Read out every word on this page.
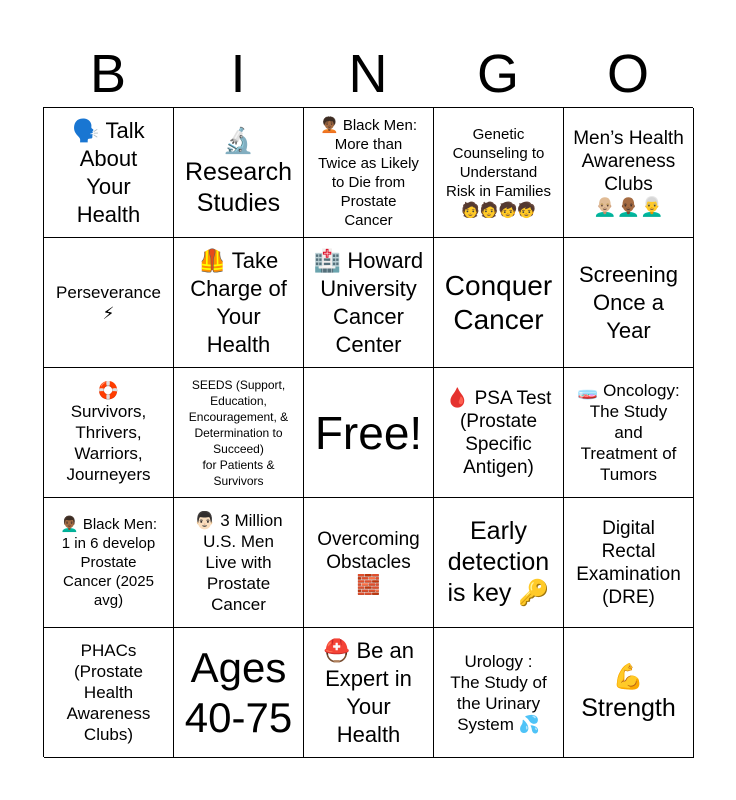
B	I	N	G	O
🗣️ Talk
About
Your
Health
🔬
Research
Studies
🧑🏾‍🦱 Black Men:
More than
Twice as Likely
to Die from
Prostate
Cancer
Genetic
Counseling to
Understand
Risk in Families
🧑🧑🧒🧒
Men’s Health
Awareness
Clubs
👨🏼‍🦲👨🏾‍🦲👨‍🦳
Perseverance
⚡
🦺 Take
Charge of
Your
Health
🏥 Howard
University
Cancer
Center
Conquer
Cancer
Screening
Once a
Year
🛟
Survivors,
Thrivers,
Warriors,
Journeyers
SEEDS (Support,
Education,
Encouragement, &
Determination to
Succeed)
for Patients &
Survivors
Free!
🩸 PSA Test
(Prostate
Specific
Antigen)
🧫 Oncology:
The Study
and
Treatment of
Tumors
👨🏾‍🦱 Black Men:
1 in 6 develop
Prostate
Cancer (2025
avg)
👨🏻 3 Million
U.S. Men
Live with
Prostate
Cancer
Overcoming
Obstacles
🧱
Early
detection
is key 🔑
Digital
Rectal
Examination
(DRE)
PHACs
(Prostate
Health
Awareness
Clubs)
Ages
40-75
⛑️ Be an
Expert in
Your
Health
Urology :
The Study of
the Urinary
System 💦
💪
Strength
